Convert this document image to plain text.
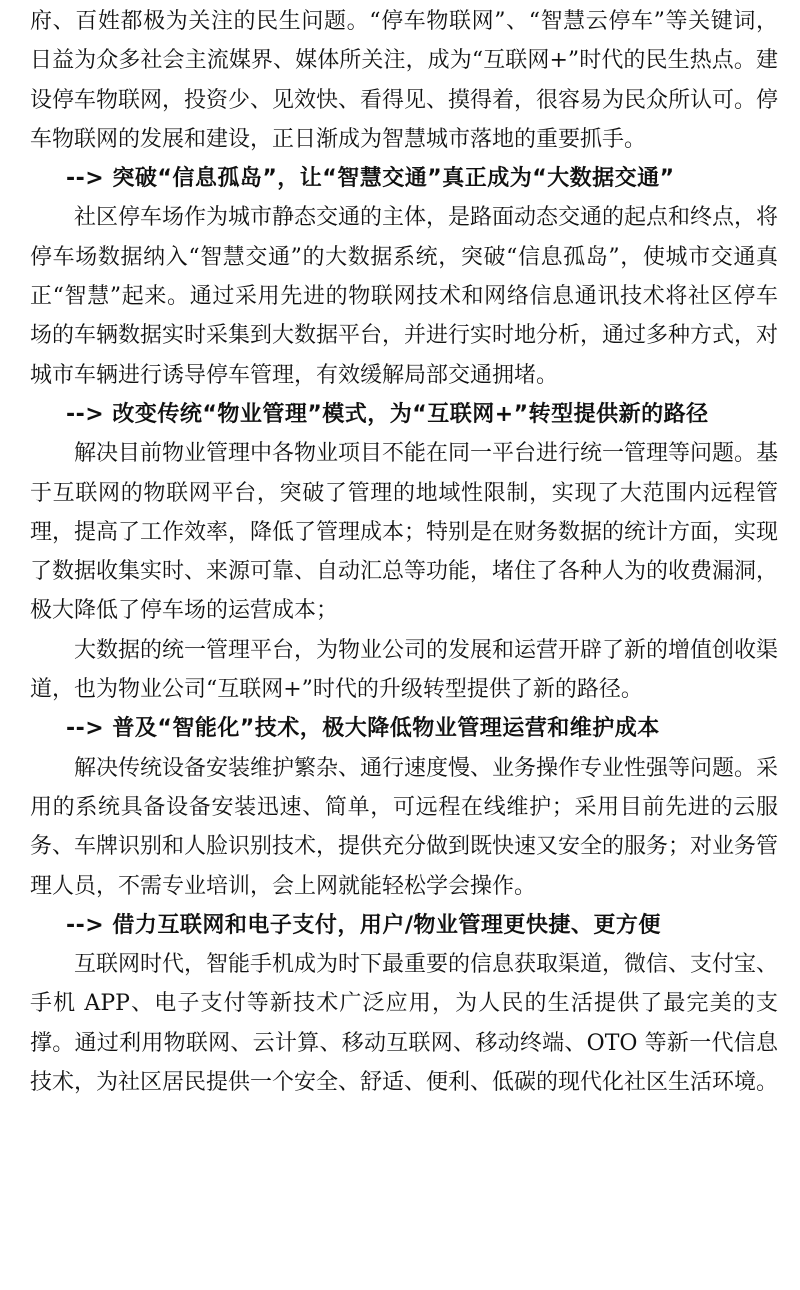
府、百姓都极为关注的民生问题。“停车物联网”、“智慧云停车”等关键词，日益为众多社会主流媒界、媒体所关注，成为“互联网+”时代的民生热点。建设停车物联网，投资少、见效快、看得见、摸得着，很容易为民众所认可。停车物联网的发展和建设，正日渐成为智慧城市落地的重要抓手。

--> 突破“信息孤岛”，让“智慧交通”真正成为“大数据交通”

社区停车场作为城市静态交通的主体，是路面动态交通的起点和终点，将停车场数据纳入“智慧交通”的大数据系统，突破“信息孤岛”，使城市交通真正“智慧”起来。通过采用先进的物联网技术和网络信息通讯技术将社区停车场的车辆数据实时采集到大数据平台，并进行实时地分析，通过多种方式，对城市车辆进行诱导停车管理，有效缓解局部交通拥堵。

--> 改变传统“物业管理”模式，为“互联网+”转型提供新的路径

解决目前物业管理中各物业项目不能在同一平台进行统一管理等问题。基于互联网的物联网平台，突破了管理的地域性限制，实现了大范围内远程管理，提高了工作效率，降低了管理成本；特别是在财务数据的统计方面，实现了数据收集实时、来源可靠、自动汇总等功能，堵住了各种人为的收费漏洞，极大降低了停车场的运营成本；

大数据的统一管理平台，为物业公司的发展和运营开辟了新的增值创收渠道，也为物业公司“互联网+”时代的升级转型提供了新的路径。

--> 普及“智能化”技术，极大降低物业管理运营和维护成本

解决传统设备安装维护繁杂、通行速度慢、业务操作专业性强等问题。采用的系统具备设备安装迅速、简单，可远程在线维护；采用目前先进的云服务、车牌识别和人脸识别技术，提供充分做到既快速又安全的服务；对业务管理人员，不需专业培训，会上网就能轻松学会操作。

--> 借力互联网和电子支付，用户/物业管理更快捷、更方便

互联网时代，智能手机成为时下最重要的信息获取渠道，微信、支付宝、手机 APP、电子支付等新技术广泛应用，为人民的生活提供了最完美的支撑。通过利用物联网、云计算、移动互联网、移动终端、OTO 等新一代信息技术，为社区居民提供一个安全、舒适、便利、低碳的现代化社区生活环境。
